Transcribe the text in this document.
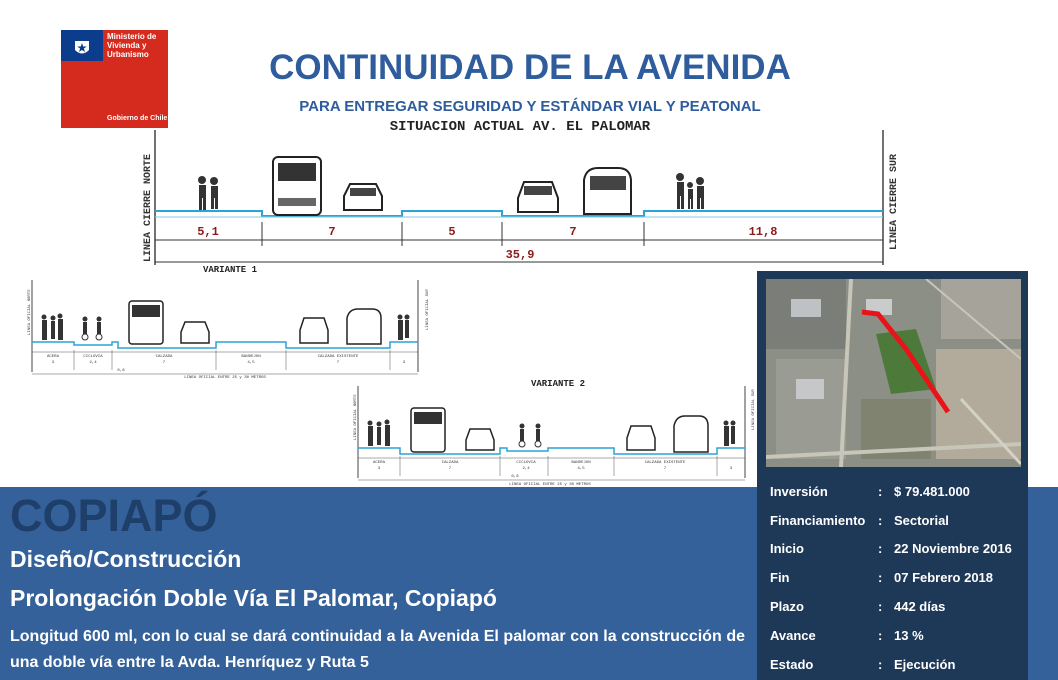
Ministerio de Vivienda y Urbanismo
Gobierno de Chile
CONTINUIDAD DE LA AVENIDA
PARA ENTREGAR SEGURIDAD Y ESTÁNDAR VIAL Y PEATONAL
SITUACION ACTUAL AV. EL PALOMAR
LINEA CIERRE NORTE	LINEA CIERRE SUR
5,1	7	5	7	11,8
35,9
VARIANTE 1
LINEA OFICIAL NORTE	LINEA OFICIAL SUR
ACERA	CICLOVIA	CALZADA	BANDEJON	CALZADA EXISTENTE
3	2,4	7	4,5	7	3
0,6
LINEA OFICIAL ENTRE 25 y 30 METROS
VARIANTE 2
LINEA OFICIAL NORTE	LINEA OFICIAL SUR
ACERA	CALZADA	CICLOVIA	BANDEJON	CALZADA EXISTENTE
3	7	2,4	4,5	7	3
0,6
LINEA OFICIAL ENTRE 25 y 30 METROS
COPIAPÓ
Diseño/Construcción
Prolongación Doble Vía El Palomar, Copiapó
Longitud 600 ml, con lo cual se dará continuidad a la Avenida El palomar con la construcción de una doble vía entre la Avda. Henríquez y Ruta 5
Inversión	: $ 79.481.000
Financiamiento : Sectorial
Inicio	: 22 Noviembre 2016
Fin	: 07 Febrero 2018
Plazo	: 442 días
Avance	: 13 %
Estado	: Ejecución
